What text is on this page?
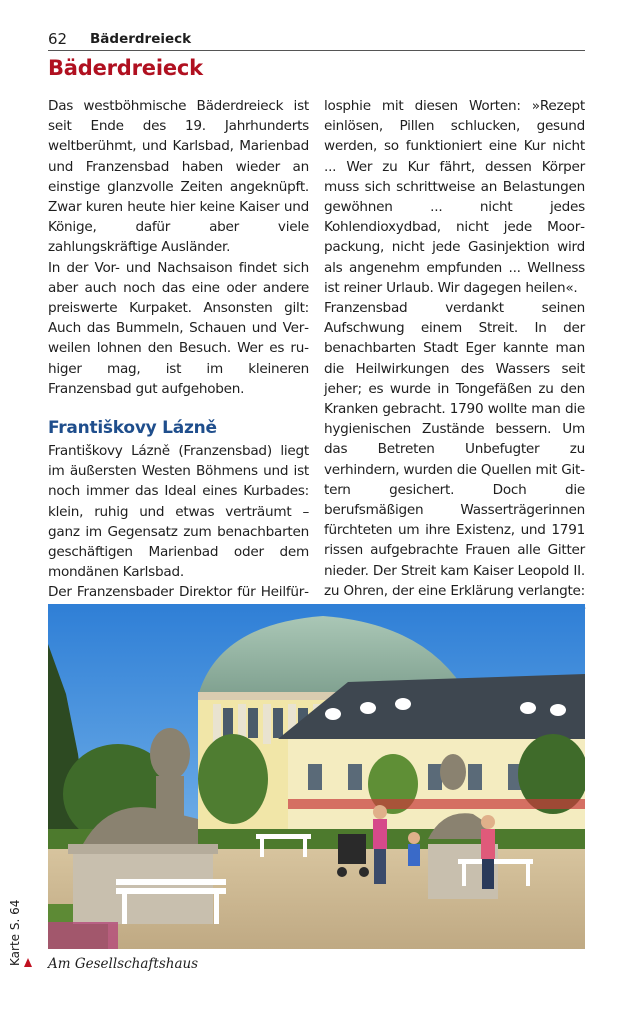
62 Bäderdreieck
Bäderdreieck

Das westböhmische Bäderdreieck ist seit Ende des 19. Jahrhunderts weltberühmt, und Karlsbad, Marienbad und Franzensbad haben wieder an einstige glanzvolle Zeiten angeknüpft. Zwar kuren heute hier keine Kaiser und Könige, dafür aber viele zahlungskräftige Ausländer.

In der Vor- und Nachsaison findet sich aber auch noch das eine oder andere preiswerte Kurpaket. Ansonsten gilt: Auch das Bummeln, Schauen und Verweilen lohnen den Besuch. Wer es ruhiger mag, ist im kleineren Franzensbad gut aufgehoben.

Františkovy Lázně

Františkovy Lázně (Franzensbad) liegt im äußersten Westen Böhmens und ist noch immer das Ideal eines Kurbades: klein, ruhig und etwas verträumt – ganz im Gegensatz zum benachbarten geschäftigen Marienbad oder dem mondänen Karlsbad.

Der Franzensbader Direktor für Heilfür

losphie mit diesen Worten: »Rezept einlösen, Pillen schlucken, gesund werden, so funktioniert eine Kur nicht ... Wer zu Kur fährt, dessen Körper muss sich schrittweise an Belastungen gewöhnen ... nicht jedes Kohlendioxydbad, nicht jede Moorpackung, nicht jede Gasinjektion wird als angenehm empfunden ... Wellness ist reiner Urlaub. Wir dagegen heilen«.

Franzensbad verdankt seinen Aufschwung einem Streit. In der benachbarten Stadt Eger kannte man die Heilwirkungen des Wassers seit jeher; es wurde in Tongefäßen zu den Kranken gebracht. 1790 wollte man die hygienischen Zustände bessern. Um das Betreten Unbefugter zu verhindern, wurden die Quellen mit Gittern gesichert. Doch die berufsmäßigen Wasserträgerinnen fürchteten um ihre Existenz, und 1791 rissen aufgebrachte Frauen alle Gitter nieder. Der Streit kam Kaiser Leopold II. zu Ohren, der eine Erklärung verlangte:

Am Gesellschaftshaus
Karte S. 64
